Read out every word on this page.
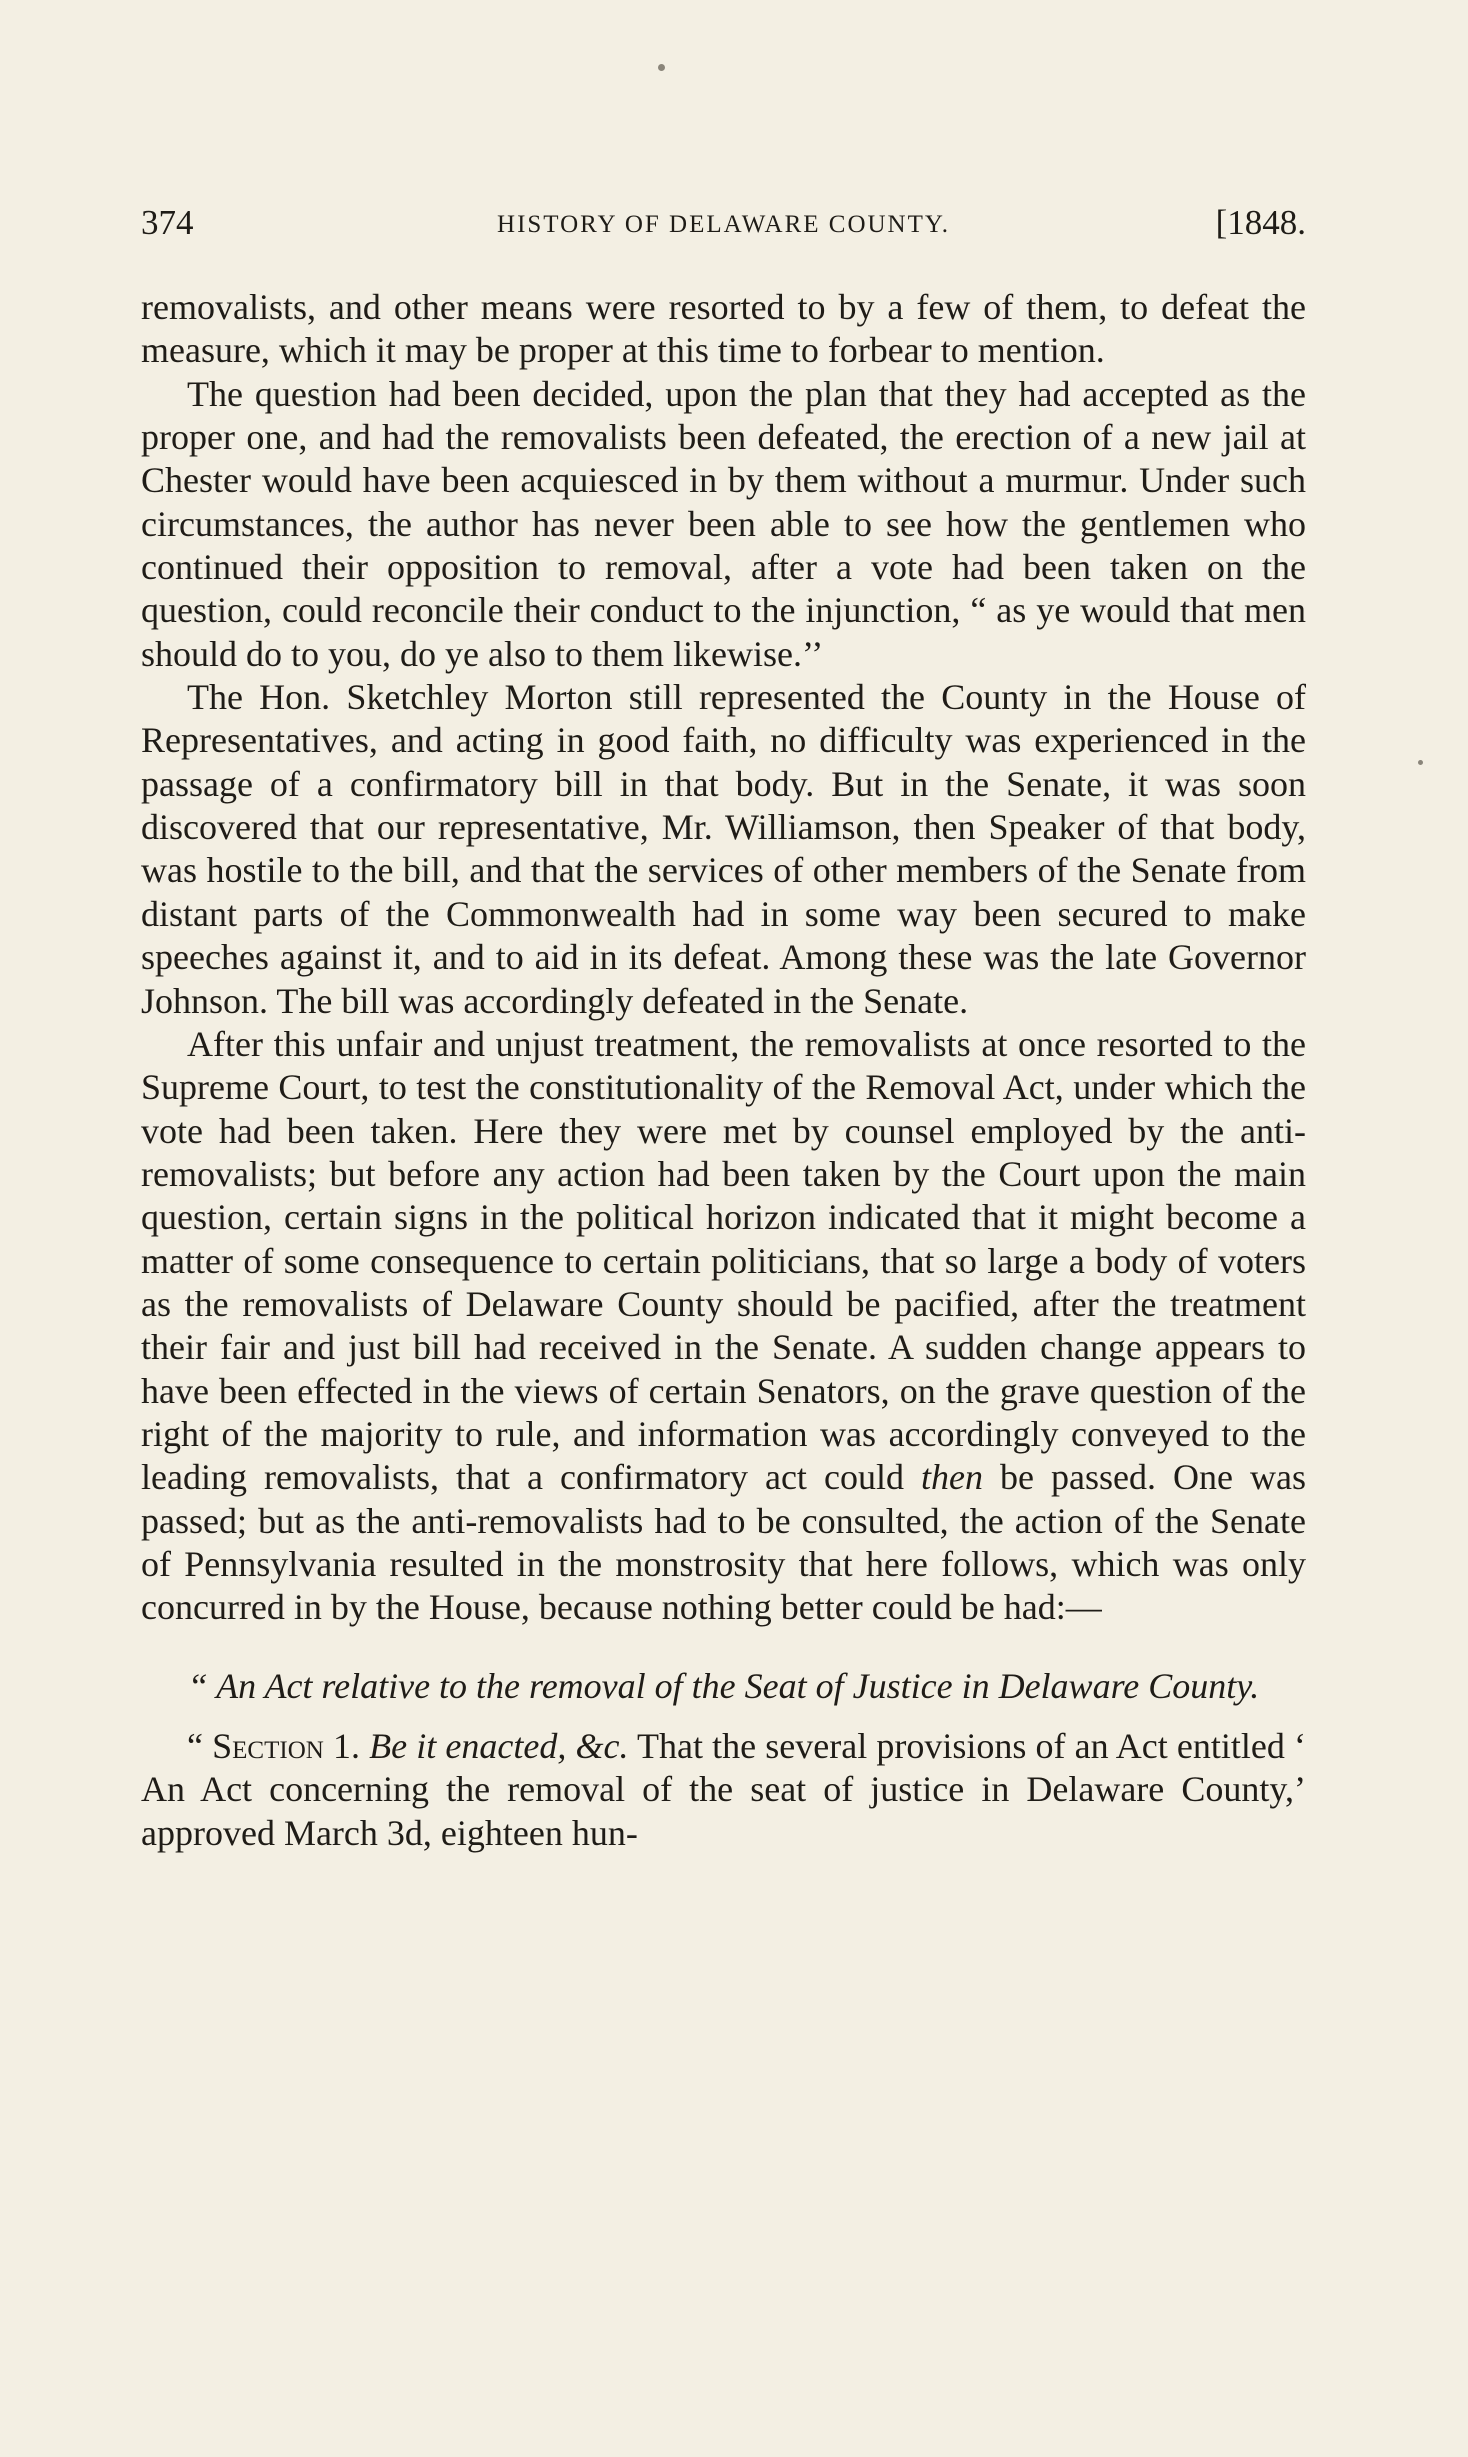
374	HISTORY OF DELAWARE COUNTY.	[1848.

removalists, and other means were resorted to by a few of them, to defeat the measure, which it may be proper at this time to forbear to mention.

The question had been decided, upon the plan that they had accepted as the proper one, and had the removalists been defeated, the erection of a new jail at Chester would have been acquiesced in by them without a murmur. Under such circumstances, the author has never been able to see how the gentlemen who continued their opposition to removal, after a vote had been taken on the question, could reconcile their conduct to the injunction, “ as ye would that men should do to you, do ye also to them likewise.’’

The Hon. Sketchley Morton still represented the County in the House of Representatives, and acting in good faith, no difficulty was experienced in the passage of a confirmatory bill in that body. But in the Senate, it was soon discovered that our representative, Mr. Williamson, then Speaker of that body, was hostile to the bill, and that the services of other members of the Senate from distant parts of the Commonwealth had in some way been secured to make speeches against it, and to aid in its defeat. Among these was the late Governor Johnson. The bill was accordingly defeated in the Senate.

After this unfair and unjust treatment, the removalists at once resorted to the Supreme Court, to test the constitutionality of the Removal Act, under which the vote had been taken. Here they were met by counsel employed by the anti-removalists; but before any action had been taken by the Court upon the main question, certain signs in the political horizon indicated that it might become a matter of some consequence to certain politicians, that so large a body of voters as the removalists of Delaware County should be pacified, after the treatment their fair and just bill had received in the Senate. A sudden change appears to have been effected in the views of certain Senators, on the grave question of the right of the majority to rule, and information was accordingly conveyed to the leading removalists, that a confirmatory act could then be passed. One was passed; but as the anti-removalists had to be consulted, the action of the Senate of Pennsylvania resulted in the monstrosity that here follows, which was only concurred in by the House, because nothing better could be had:—

“ An Act relative to the removal of the Seat of Justice in Delaware County.

“ Section 1. Be it enacted, &c. That the several provisions of an Act entitled ‘ An Act concerning the removal of the seat of justice in Delaware County,’ approved March 3d, eighteen hun-
